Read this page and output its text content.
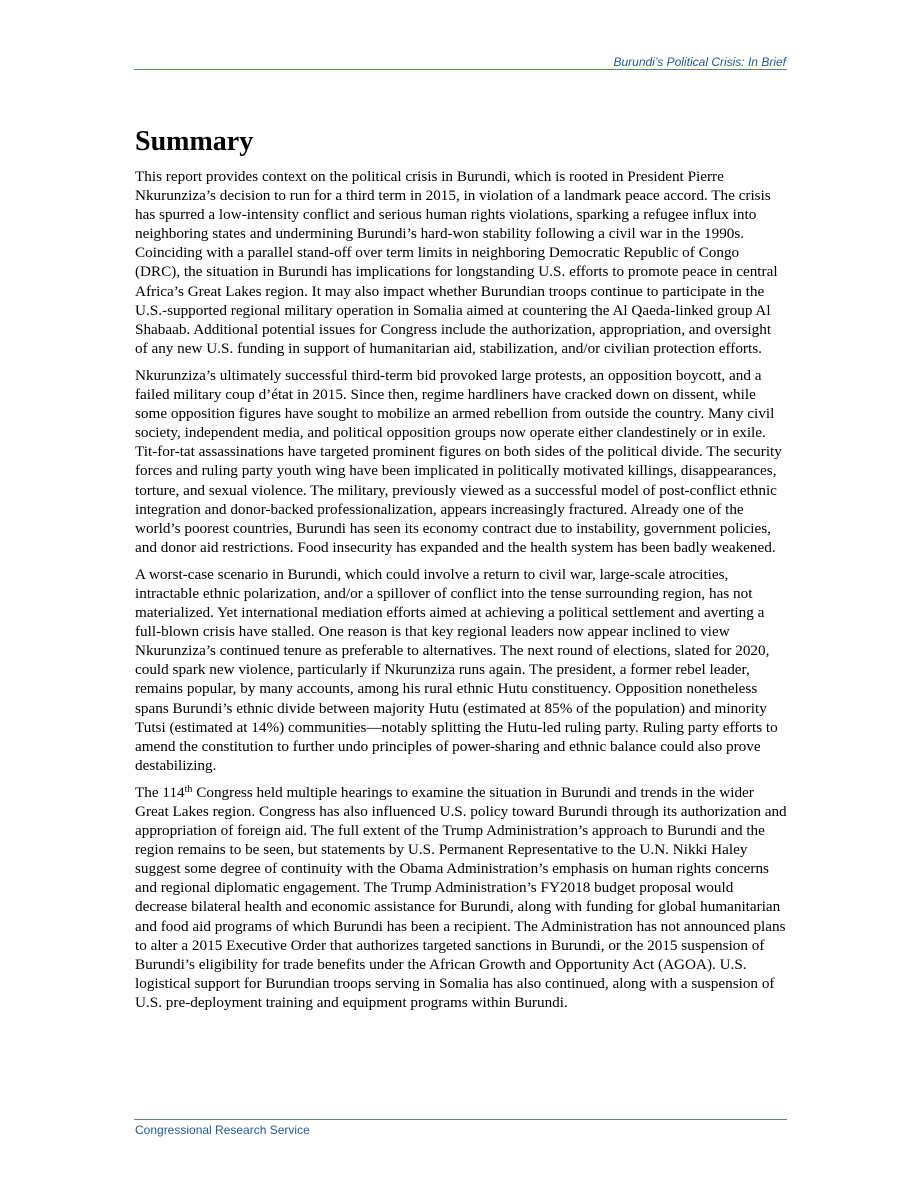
Burundi’s Political Crisis: In Brief
Summary

This report provides context on the political crisis in Burundi, which is rooted in President Pierre Nkurunziza’s decision to run for a third term in 2015, in violation of a landmark peace accord. The crisis has spurred a low-intensity conflict and serious human rights violations, sparking a refugee influx into neighboring states and undermining Burundi’s hard-won stability following a civil war in the 1990s. Coinciding with a parallel stand-off over term limits in neighboring Democratic Republic of Congo (DRC), the situation in Burundi has implications for longstanding U.S. efforts to promote peace in central Africa’s Great Lakes region. It may also impact whether Burundian troops continue to participate in the U.S.-supported regional military operation in Somalia aimed at countering the Al Qaeda-linked group Al Shabaab. Additional potential issues for Congress include the authorization, appropriation, and oversight of any new U.S. funding in support of humanitarian aid, stabilization, and/or civilian protection efforts.

Nkurunziza’s ultimately successful third-term bid provoked large protests, an opposition boycott, and a failed military coup d’état in 2015. Since then, regime hardliners have cracked down on dissent, while some opposition figures have sought to mobilize an armed rebellion from outside the country. Many civil society, independent media, and political opposition groups now operate either clandestinely or in exile. Tit-for-tat assassinations have targeted prominent figures on both sides of the political divide. The security forces and ruling party youth wing have been implicated in politically motivated killings, disappearances, torture, and sexual violence. The military, previously viewed as a successful model of post-conflict ethnic integration and donor-backed professionalization, appears increasingly fractured. Already one of the world’s poorest countries, Burundi has seen its economy contract due to instability, government policies, and donor aid restrictions. Food insecurity has expanded and the health system has been badly weakened.

A worst-case scenario in Burundi, which could involve a return to civil war, large-scale atrocities, intractable ethnic polarization, and/or a spillover of conflict into the tense surrounding region, has not materialized. Yet international mediation efforts aimed at achieving a political settlement and averting a full-blown crisis have stalled. One reason is that key regional leaders now appear inclined to view Nkurunziza’s continued tenure as preferable to alternatives. The next round of elections, slated for 2020, could spark new violence, particularly if Nkurunziza runs again. The president, a former rebel leader, remains popular, by many accounts, among his rural ethnic Hutu constituency. Opposition nonetheless spans Burundi’s ethnic divide between majority Hutu (estimated at 85% of the population) and minority Tutsi (estimated at 14%) communities—notably splitting the Hutu-led ruling party. Ruling party efforts to amend the constitution to further undo principles of power-sharing and ethnic balance could also prove destabilizing.

The 114th Congress held multiple hearings to examine the situation in Burundi and trends in the wider Great Lakes region. Congress has also influenced U.S. policy toward Burundi through its authorization and appropriation of foreign aid. The full extent of the Trump Administration’s approach to Burundi and the region remains to be seen, but statements by U.S. Permanent Representative to the U.N. Nikki Haley suggest some degree of continuity with the Obama Administration’s emphasis on human rights concerns and regional diplomatic engagement. The Trump Administration’s FY2018 budget proposal would decrease bilateral health and economic assistance for Burundi, along with funding for global humanitarian and food aid programs of which Burundi has been a recipient. The Administration has not announced plans to alter a 2015 Executive Order that authorizes targeted sanctions in Burundi, or the 2015 suspension of Burundi’s eligibility for trade benefits under the African Growth and Opportunity Act (AGOA). U.S. logistical support for Burundian troops serving in Somalia has also continued, along with a suspension of U.S. pre-deployment training and equipment programs within Burundi.

Congressional Research Service
